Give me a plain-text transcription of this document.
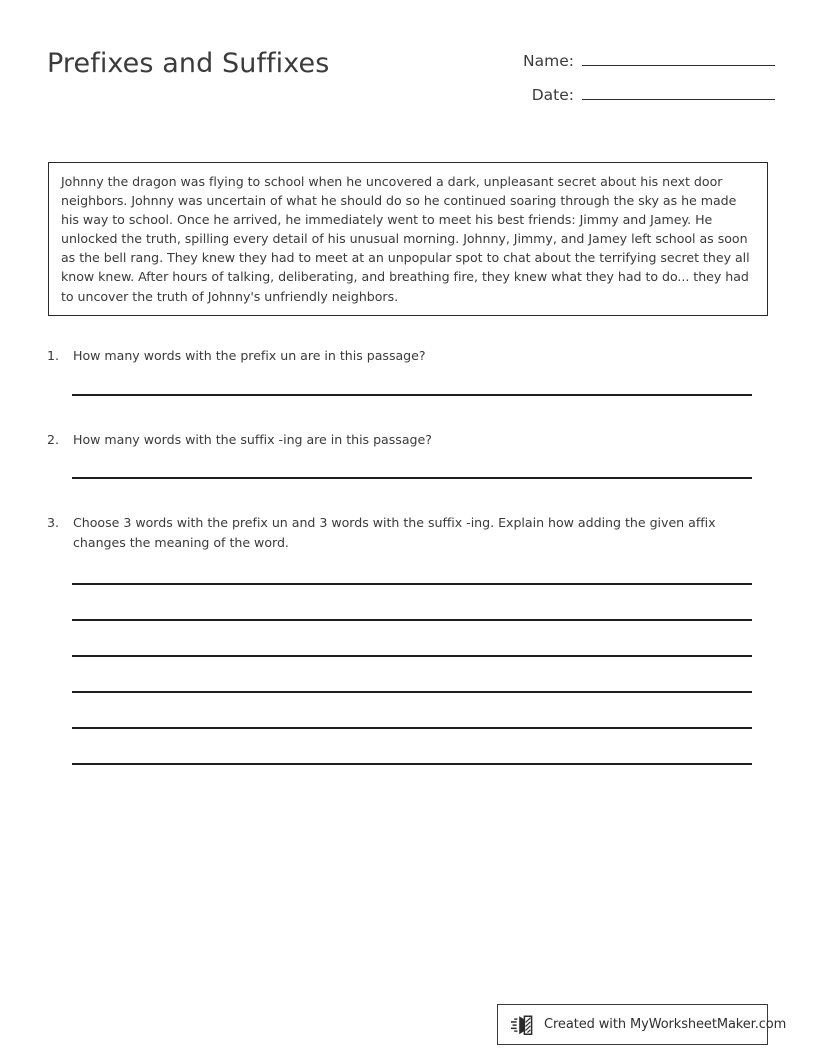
Prefixes and Suffixes	Name:
Date:
Johnny the dragon was flying to school when he uncovered a dark, unpleasant secret about his next door neighbors. Johnny was uncertain of what he should do so he continued soaring through the sky as he made his way to school. Once he arrived, he immediately went to meet his best friends: Jimmy and Jamey. He unlocked the truth, spilling every detail of his unusual morning. Johnny, Jimmy, and Jamey left school as soon as the bell rang. They knew they had to meet at an unpopular spot to chat about the terrifying secret they all know knew. After hours of talking, deliberating, and breathing fire, they knew what they had to do... they had to uncover the truth of Johnny's unfriendly neighbors.
1.	How many words with the prefix un are in this passage?
2.	How many words with the suffix -ing are in this passage?
3.	Choose 3 words with the prefix un and 3 words with the suffix -ing. Explain how adding the given affix changes the meaning of the word.
Created with MyWorksheetMaker.com
